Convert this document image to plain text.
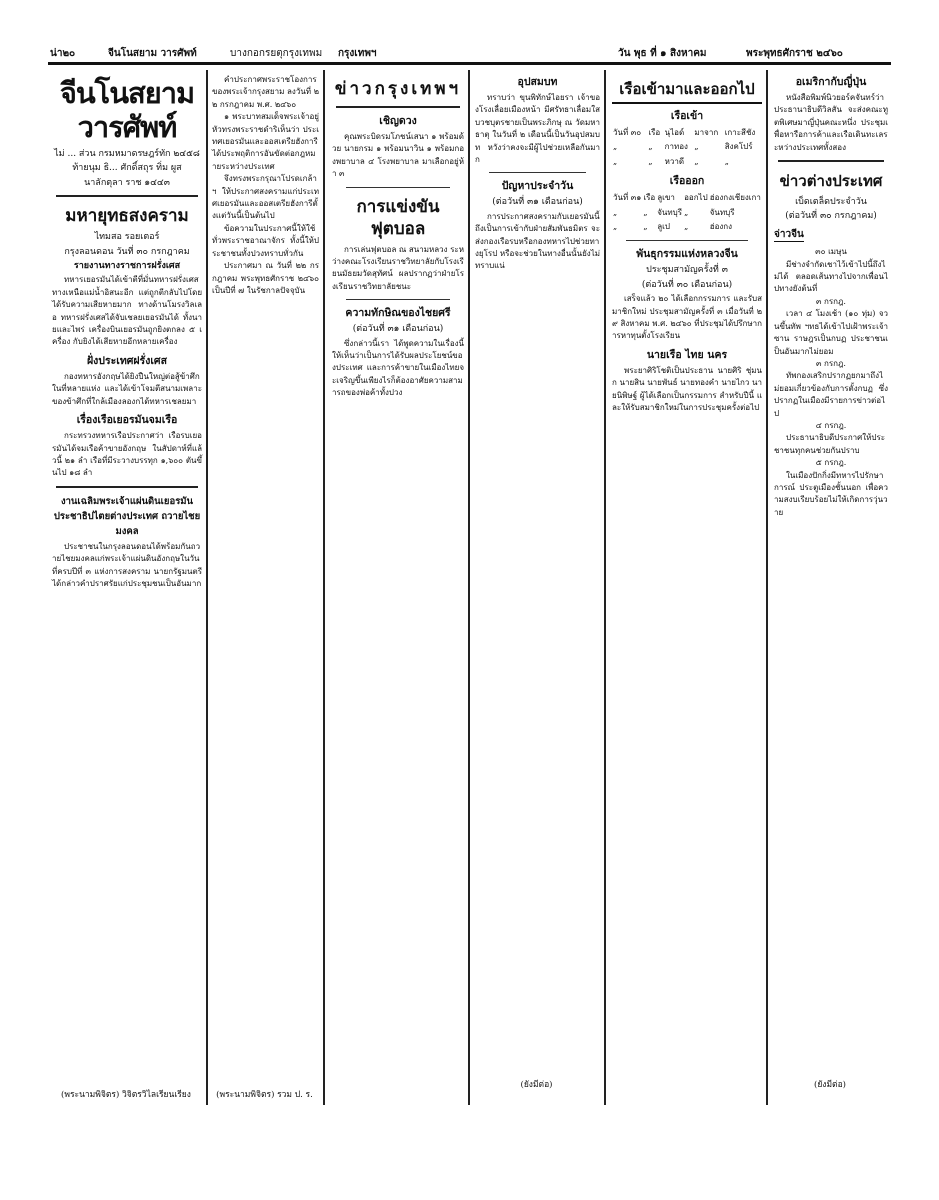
น่า๒๐	จีนโนสยาม วารศัพท์	บางกอกรยตุกรุงเทพม กรุงเทพฯ	วัน พุธ ที่ ๑ สิงหาคม	พระพุทธศักราช ๒๔๖๐
จีนโนสยามวารศัพท์
ไม่ ... ส่วน กรมหมาดรษฎร์ทัก ๒๔๕๘
ท้ายนุม ธิ... ศักดิ์สถุร ทิ่ม ผูส
นาลักตุลา ราช ๑๔๔๓
มหายุทธสงคราม
ไทมสอ รอยเตอร์
กรุงลอนดอน วันที่ ๓๐ กรกฎาคม
รายงานทางราชการฝรั่งเศส

ทหารเยอรมันได้เข้าตีที่มั่นทหารฝรั่งเศสทางเหนือแม่น้ำอิสนะอีก แต่ถูกตีกลับไปโดยได้รับความเสียหายมาก ทางด้านโมรงวิลเลอ ทหารฝรั่งเศสได้จับเชลยเยอรมันได้ ทั้งนายและไพร่ เครื่องบินเยอรมันถูกยิงตกลง ๕ เครื่อง กับยิงได้เสียหายอีกหลายเครื่อง

ฝั่งประเทศฝรั่งเศส

กองทหารอังกฤษได้ยิงปืนใหญ่ต่อสู้ข้าศึกในที่หลายแห่ง และได้เข้าโจมตีสนามเพลาะของข้าศึกที่ใกล้เมืองลองกได้ทหารเชลยมา

เรื่องเรือเยอรมันจมเรือ

กระทรวงทหารเรือประกาศว่า เรือรบเยอรมันได้จมเรือค้าขายอังกฤษ ในสัปดาห์ที่แล้วนี้ ๒๑ ลำ เรือที่มีระวางบรรทุก ๑,๖๐๐ ตันขึ้นไป ๑๘ ลำ

งานเฉลิมพระเจ้าแผ่นดินเยอรมันประชาธิปไตยต่างประเทศ ถวายไชยมงคล

ประชาชนในกรุงลอนดอนได้พร้อมกันถวายไชยมงคลแก่พระเจ้าแผ่นดินอังกฤษในวันที่ครบปีที่ ๓ แห่งการสงคราม นายกรัฐมนตรีได้กล่าวคำปราศรัยแก่ประชุมชนเป็นอันมาก

(พระนามพิจิตร) วิจิตรวิไลเรียนเรียง

คำประกาศพระราชโองการของพระเจ้ากรุงสยาม ลงวันที่ ๒๒ กรกฎาคม พ.ศ. ๒๔๖๐

๑ พระบาทสมเด็จพระเจ้าอยู่หัวทรงพระราชดำริเห็นว่า ประเทศเยอรมันและออสเตรียฮังการีได้ประพฤติการอันขัดต่อกฎหมายระหว่างประเทศ

จึงทรงพระกรุณาโปรดเกล้าฯ ให้ประกาศสงครามแก่ประเทศเยอรมันและออสเตรียฮังการีตั้งแต่วันนี้เป็นต้นไป

ข้อความในประกาศนี้ให้ใช้ทั่วพระราชอาณาจักร ทั้งนี้ให้ประชาชนทั้งปวงทราบทั่วกัน

ประกาศมา ณ วันที่ ๒๒ กรกฎาคม พระพุทธศักราช ๒๔๖๐ เป็นปีที่ ๗ ในรัชกาลปัจจุบัน

(พระนามพิจิตร) รวม ป. ร.
ข่าวกรุงเทพฯ
เชิญดวง

คุณพระบิดรมโภชน์เสนา ๑ พร้อมด้วย นายกรม ๑ พร้อมนาวิน ๑ พร้อมกองพยาบาล ๔ โรงพยาบาล มาเลือกอยู่ห้า ๓

การแข่งขันฟุตบอล

การเล่นฟุตบอล ณ สนามหลวง ระหว่างคณะโรงเรียนราชวิทยาลัยกับโรงเรียนมัธยมวัดสุทัศน์ ผลปรากฏว่าฝ่ายโรงเรียนราชวิทยาลัยชนะ

ความทักษิณของไชยศรี
(ต่อวันที่ ๓๑ เดือนก่อน)

ซึ่งกล่าวนี้เรา ได้พูดความในเรื่องนี้ ให้เห็นว่าเป็นการได้รับผลประโยชน์ของประเทศ และการค้าขายในเมืองไทยจะเจริญขึ้นเพียงไรก็ต้องอาศัยความสามารถของพ่อค้าทั้งปวง

อุปสมบท

ทราบว่า ขุนพิทักษ์ไอยรา เจ้าของโรงเลื่อยเมืองหน้า มีศรัทธาเลื่อมใสบวชบุตรชายเป็นพระภิกษุ ณ วัดมหาธาตุ ในวันที่ ๒ เดือนนี้เป็นวันอุปสมบท หวังว่าคงจะมีผู้ไปช่วยเหลือกันมาก

ปัญหาประจำวัน
(ต่อวันที่ ๓๑ เดือนก่อน)

การประกาศสงครามกับเยอรมันนี้ ถึงเป็นการเข้ากับฝ่ายสัมพันธมิตร จะส่งกองเรือรบหรือกองทหารไปช่วยทางยุโรป หรือจะช่วยในทางอื่นนั้นยังไม่ทราบแน่

(ยังมีต่อ)
เรือเข้ามาและออกไป
เรือเข้า
วันที่ ๓๐	เรือ	นุไอด์	มาจาก	เกาะสีชัง
„	„	กาทอง	„	สิงคโปร์
„	„	หวาดี	„	„
เรือออก
วันที่ ๓๑	เรือ	ลูเขา	ออกไป	ฮ่องกงเชียงเกา
„	„	จันทบุรี	„	จันทบุรี
„	„	ลูเป	„	ฮ่องกง
พันธุกรรมแห่งหลวงจีน
ประชุมสามัญครั้งที่ ๓
(ต่อวันที่ ๓๐ เดือนก่อน)

เสร็จแล้ว ๒๐ ได้เลือกกรรมการ และรับสมาชิกใหม่ ประชุมสามัญครั้งที่ ๓ เมื่อวันที่ ๒๙ สิงหาคม พ.ศ. ๒๔๖๐ ที่ประชุมได้ปรึกษาการหาทุนตั้งโรงเรียน

นายเรือ ไทย นคร

พระยาศิริโชติเป็นประธาน นายศิริ ชุ่มนก นายสิน นายพันธ์ นายทองคำ นายไกว นายนิพิษฐ์ ผู้ได้เลือกเป็นกรรมการ สำหรับปีนี้ และให้รับสมาชิกใหม่ในการประชุมครั้งต่อไป

อเมริกากับญี่ปุ่น

หนังสือพิมพ์นิวยอร์คจันทร์ว่าประธานาธิบดีวิลสัน จะส่งคณะทูตพิเศษมาญี่ปุ่นคณะหนึ่ง ประชุมเพื่อหารือการค้าและเรือเดินทะเลระหว่างประเทศทั้งสอง

ข่าวต่างประเทศ
เบ็ดเตล็ดประจำวัน
(ต่อวันที่ ๓๐ กรกฎาคม)
จ่าวจีน
๓๐ เมษุน

มีช่างจำกัดเชาไว้เข้าไปนี้ถึงไม่ได้ ตลอดเส้นทางไปจากเพื่อนไปทางยังต้นที่

๓ กรกฎ.

เวลา ๔ โมงเช้า (๑๐ ทุ่ม) จวนขึ้นทัพ ฯทธได้เข้าไปเฝ้าพระเจ้าซาน ราษฎรเป็นกบฏ ประชาชนเป็นอันมากไม่ยอม

๓ กรกฎ.

ทัพกองเสริกปรากฏยกมาถึงไม่ยอมเกี่ยวข้องกับการตั้งกบฏ ซึ่งปรากฏในเมืองมีรายการข่าวต่อไป

๔ กรกฎ.

ประธานาธิบดีประกาศให้ประชาชนทุกคนช่วยกันปราบ

๕ กรกฎ.

ในเมืองปักกิ่งมีทหารไปรักษาการณ์ ประตูเมืองชั้นนอก เพื่อความสงบเรียบร้อยไม่ให้เกิดการวุ่นวาย

(ยังมีต่อ)
